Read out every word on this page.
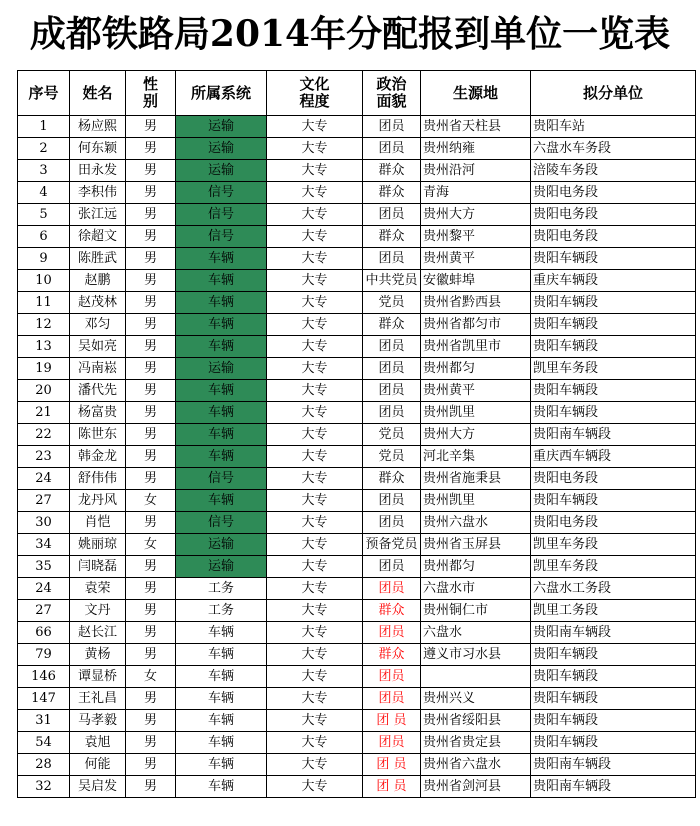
成都铁路局2014年分配报到单位一览表
序号	姓名	性别	所属系统	文化程度	政治面貌	生源地	拟分单位
1	杨应熙	男	运输	大专	团员	贵州省天柱县	贵阳车站
2	何东颖	男	运输	大专	团员	贵州纳雍	六盘水车务段
3	田永发	男	运输	大专	群众	贵州沿河	涪陵车务段
4	李积伟	男	信号	大专	群众	青海	贵阳电务段
5	张江远	男	信号	大专	团员	贵州大方	贵阳电务段
6	徐超文	男	信号	大专	群众	贵州黎平	贵阳电务段
9	陈胜武	男	车辆	大专	团员	贵州黄平	贵阳车辆段
10	赵鹏	男	车辆	大专	中共党员	安徽蚌埠	重庆车辆段
11	赵茂林	男	车辆	大专	党员	贵州省黔西县	贵阳车辆段
12	邓匀	男	车辆	大专	群众	贵州省都匀市	贵阳车辆段
13	吴如亮	男	车辆	大专	团员	贵州省凯里市	贵阳车辆段
19	冯南崧	男	运输	大专	团员	贵州都匀	凯里车务段
20	潘代先	男	车辆	大专	团员	贵州黄平	贵阳车辆段
21	杨富贵	男	车辆	大专	团员	贵州凯里	贵阳车辆段
22	陈世东	男	车辆	大专	党员	贵州大方	贵阳南车辆段
23	韩金龙	男	车辆	大专	党员	河北辛集	重庆西车辆段
24	舒伟伟	男	信号	大专	群众	贵州省施秉县	贵阳电务段
27	龙丹风	女	车辆	大专	团员	贵州凯里	贵阳车辆段
30	肖恺	男	信号	大专	团员	贵州六盘水	贵阳电务段
34	姚丽琼	女	运输	大专	预备党员	贵州省玉屏县	凯里车务段
35	闫晓磊	男	运输	大专	团员	贵州都匀	凯里车务段
24	袁荣	男	工务	大专	团员	六盘水市	六盘水工务段
27	文丹	男	工务	大专	群众	贵州铜仁市	凯里工务段
66	赵长江	男	车辆	大专	团员	六盘水	贵阳南车辆段
79	黄杨	男	车辆	大专	群众	遵义市习水县	贵阳车辆段
146	谭显桥	女	车辆	大专	团员		贵阳车辆段
147	王礼昌	男	车辆	大专	团员	贵州兴义	贵阳车辆段
31	马孝毅	男	车辆	大专	团 员	贵州省绥阳县	贵阳车辆段
54	袁旭	男	车辆	大专	团员	贵州省贵定县	贵阳车辆段
28	何能	男	车辆	大专	团 员	贵州省六盘水	贵阳南车辆段
32	吴启发	男	车辆	大专	团 员	贵州省剑河县	贵阳南车辆段
